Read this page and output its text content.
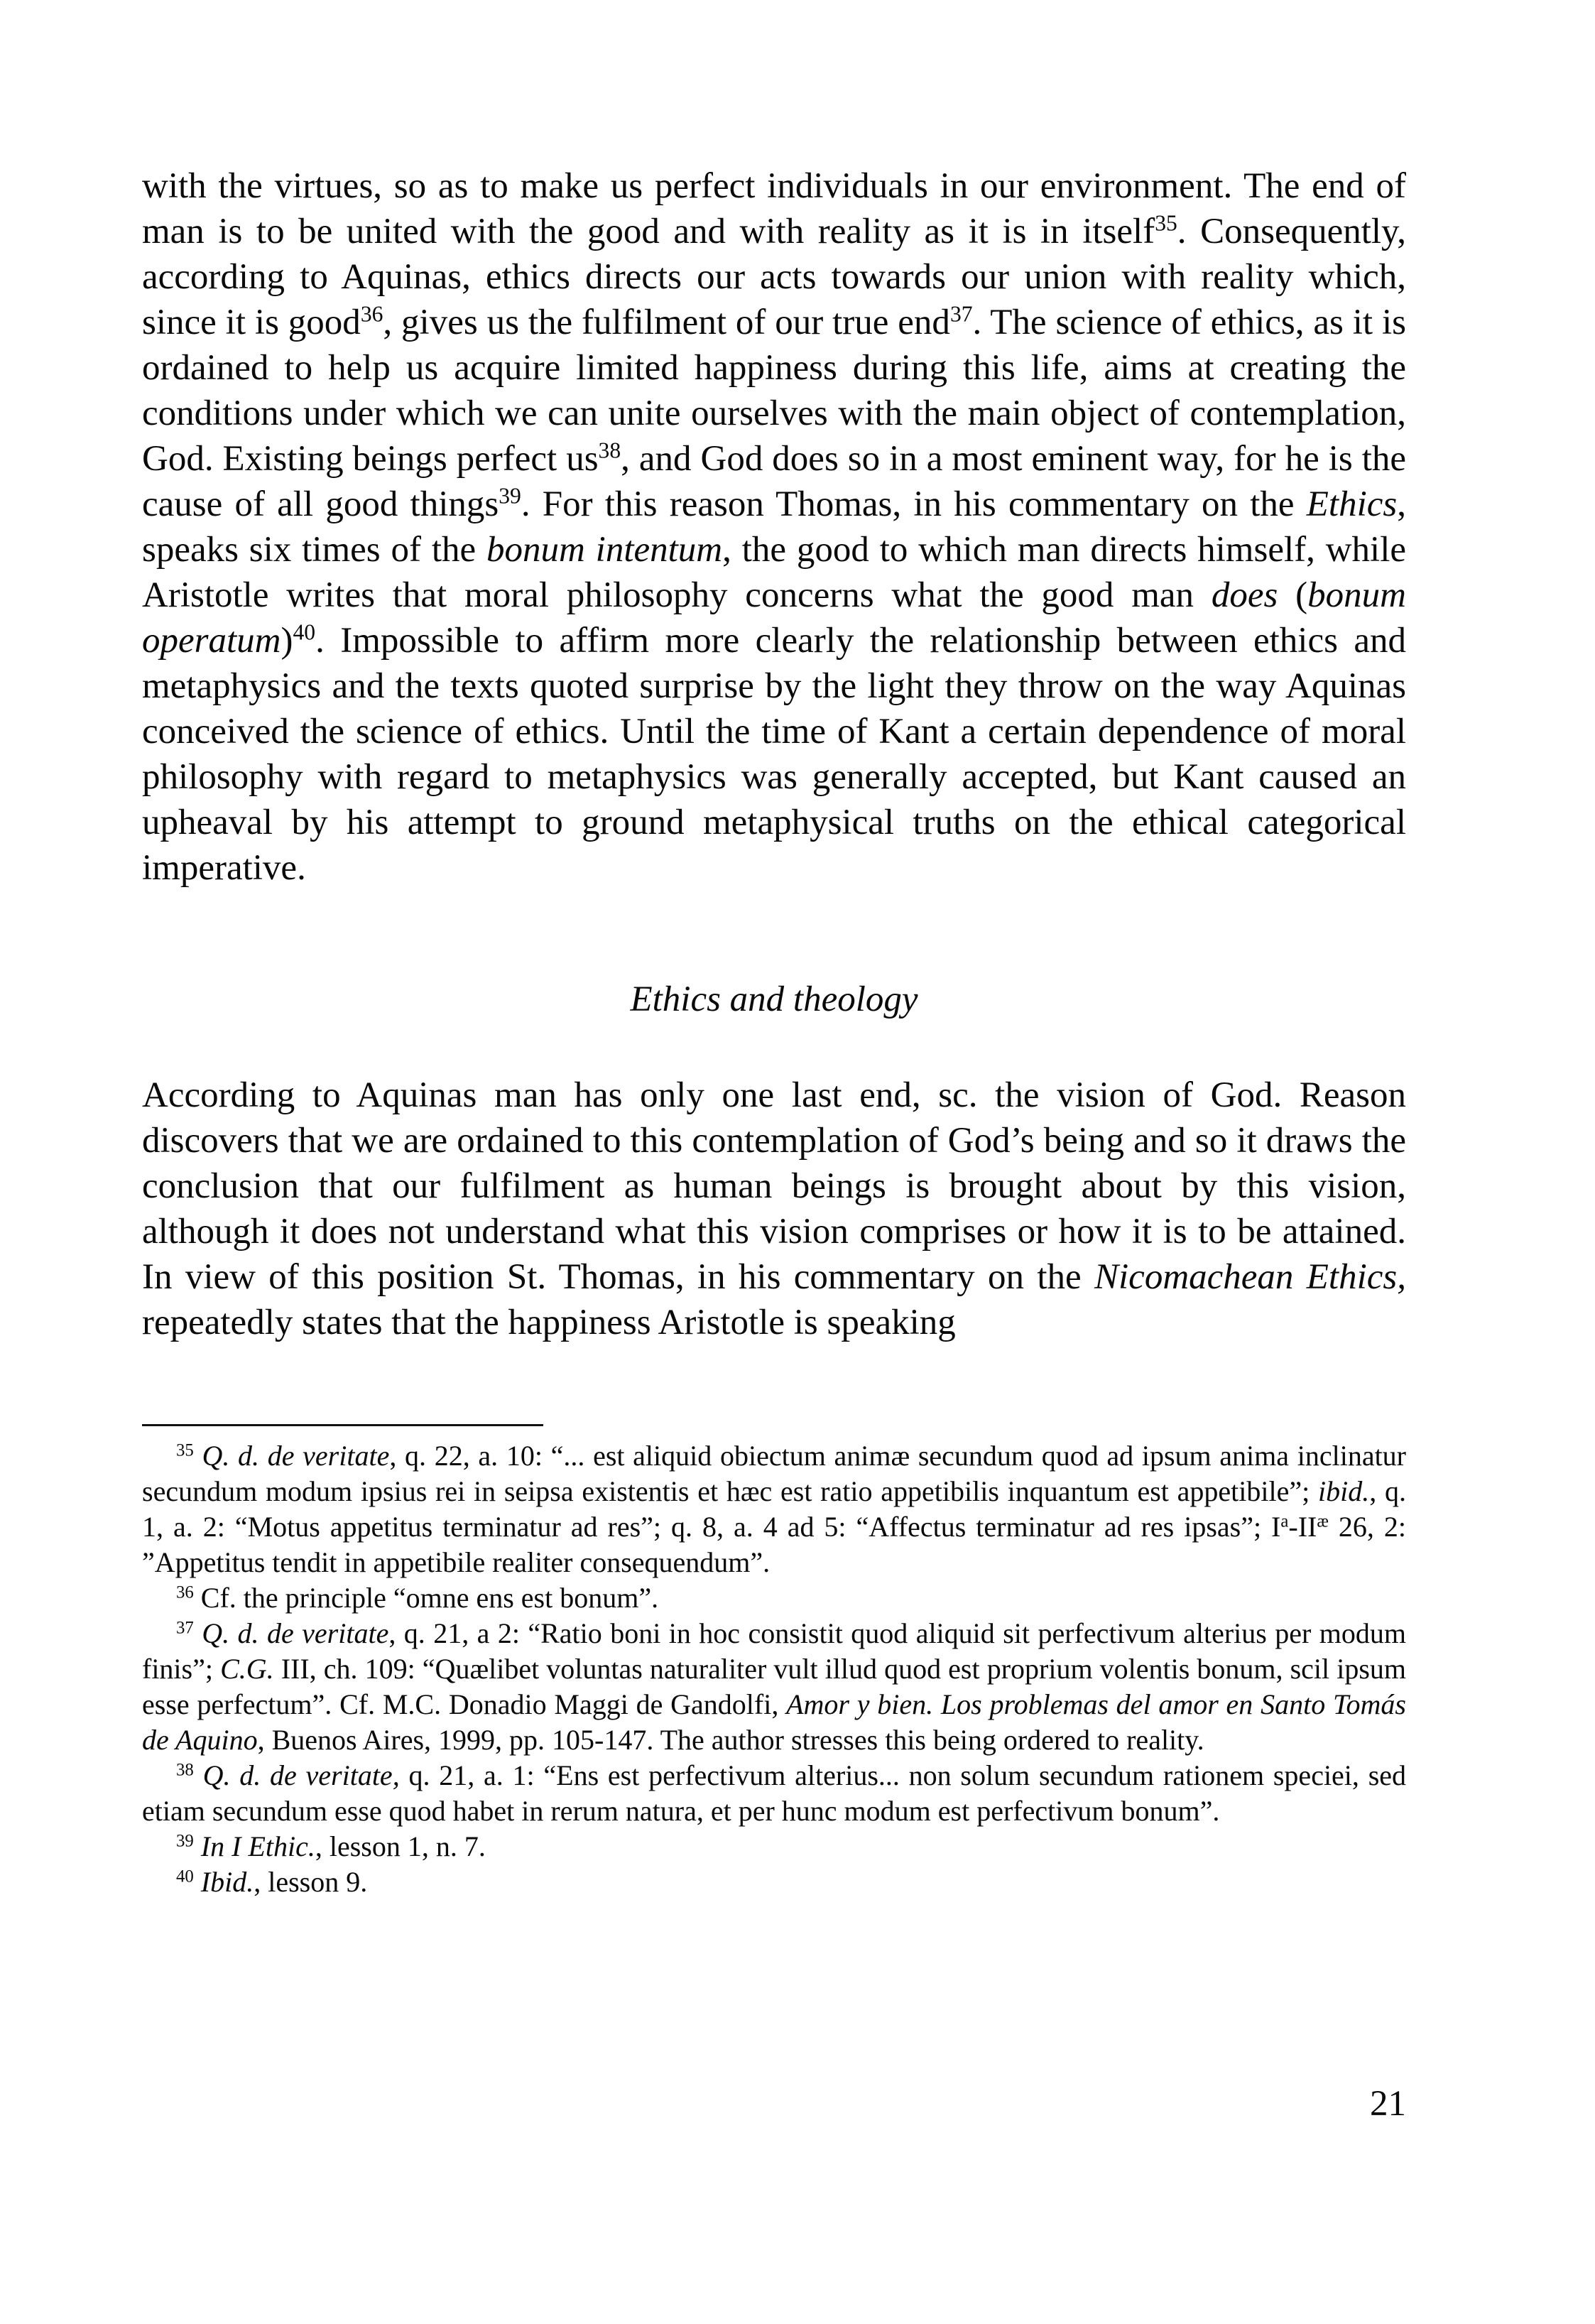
with the virtues, so as to make us perfect individuals in our environment. The end of man is to be united with the good and with reality as it is in itself$^{35}$. Consequently, according to Aquinas, ethics directs our acts towards our union with reality which, since it is good$^{36}$, gives us the fulfilment of our true end$^{37}$. The science of ethics, as it is ordained to help us acquire limited happiness during this life, aims at creating the conditions under which we can unite ourselves with the main object of contemplation, God. Existing beings perfect $us^{38}$, and God does so in a most eminent way, for he is the cause of all good things$^{39}$. For this reason Thomas, in his commentary on the Ethics, speaks six times of the bonum intentum, the good to which man directs himself, while Aristotle writes that moral philosophy concerns what the good man does (bonum operatum)$^{40}$. Impossible to affirm more clearly the relationship between ethics and metaphysics and the texts quoted surprise by the light they throw on the way Aquinas conceived the science of ethics. Until the time of Kant a certain dependence of moral philosophy with regard to metaphysics was generally accepted, but Kant caused an upheaval by his attempt to ground metaphysical truths on the ethical categorical imperative.

Ethics and theology

According to Aquinas man has only one last end, sc. the vision of God. Reason discovers that we are ordained to this contemplation of God’s being and so it draws the conclusion that our fulfilment as human beings is brought about by this vision, although it does not understand what this vision comprises or how it is to be attained. In view of this position St. Thomas, in his commentary on the Nicomachean Ethics, repeatedly states that the happiness Aristotle is speaking

$^{35}$ Q. d. de veritate, q. 22, a. 10: “... est aliquid obiectum animæ secundum quod ad ipsum anima inclinatur secundum modum ipsius rei in seipsa existentis et hæc est ratio appetibilis inquantum est appetibile”; ibid., q. 1, a. 2: “Motus appetitus terminatur ad res”; q. 8, a. 4 ad 5: “Affectus terminatur ad res ipsas”; $I^a-II^æ$ 26, 2: ”Appetitus tendit in appetibile realiter consequendum”.

$^{36}$ Cf. the principle “omne ens est bonum”.

$^{37}$ Q. d. de veritate, q. 21, a 2: “Ratio boni in hoc consistit quod aliquid sit perfectivum alterius per modum finis”; C.G. III, ch. 109: “Quælibet voluntas naturaliter vult illud quod est proprium volentis bonum, scil ipsum esse perfectum”. Cf. M.C. Donadio Maggi de Gandolfi, Amor y bien. Los problemas del amor en Santo Tomás de Aquino, Buenos Aires, 1999, pp. 105-147. The author stresses this being ordered to reality.

$^{38}$ Q. d. de veritate, q. 21, a. 1: “Ens est perfectivum alterius... non solum secundum rationem speciei, sed etiam secundum esse quod habet in rerum natura, et per hunc modum est perfectivum bonum”.

$^{39}$ In I Ethic., lesson 1, n. 7.

$^{40}$ Ibid., lesson 9.

21
